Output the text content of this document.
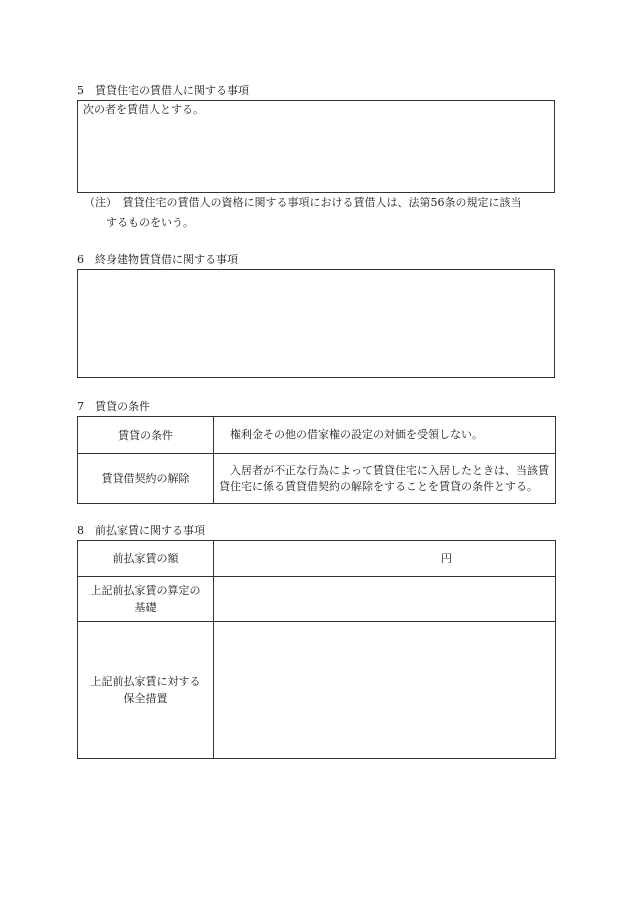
5 賃貸住宅の賃借人に関する事項
次の者を賃借人とする。
（注）　賃貸住宅の賃借人の資格に関する事項における賃借人は、法第56条の規定に該当
するものをいう。
6 終身建物賃貸借に関する事項
7 賃貸の条件
賃貸の条件	　権利金その他の借家権の設定の対価を受領しない。
賃貸借契約の解除	　入居者が不正な行為によって賃貸住宅に入居したときは、当該賃貸住宅に係る賃貸借契約の解除をすることを賃貸の条件とする。
8 前払家賃に関する事項
前払家賃の額	円
上記前払家賃の算定の基礎	
上記前払家賃に対する保全措置	
